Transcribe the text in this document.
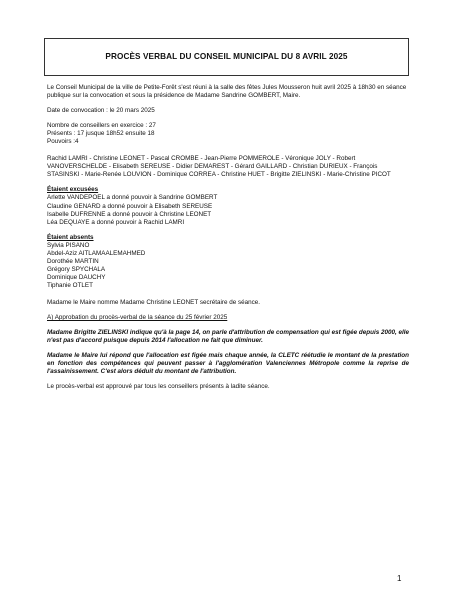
PROCÈS VERBAL DU CONSEIL MUNICIPAL DU 8 AVRIL 2025

Le Conseil Municipal de la ville de Petite-Forêt s'est réuni à la salle des fêtes Jules Mousseron huit avril 2025 à 18h30 en séance publique sur la convocation et sous la présidence de Madame Sandrine GOMBERT, Maire.

Date de convocation : le 20 mars 2025

Nombre de conseillers en exercice : 27
Présents : 17 jusque 18h52 ensuite 18
Pouvoirs :4

Rachid LAMRI - Christine LEONET - Pascal CROMBE - Jean-Pierre POMMEROLE - Véronique JOLY - Robert VANOVERSCHELDE - Elisabeth SEREUSE - Didier DEMAREST - Gérard GAILLARD - Christian DURIEUX - François STASINSKI - Marie-Renée LOUVION - Dominique CORREA - Christine HUET - Brigitte ZIELINSKI - Marie-Christine PICOT

Étaient excusées
Arlette VANDEPOEL a donné pouvoir à Sandrine GOMBERT
Claudine GENARD a donné pouvoir à Elisabeth SEREUSE
Isabelle DUFRENNE a donné pouvoir à Christine LEONET
Léa DEQUAYE a donné pouvoir à Rachid LAMRI
Étaient absents
Sylvia PISANO
Abdel-Aziz AITLAMAALEMAHMED
Dorothée MARTIN
Grégory SPYCHALA
Dominique DAUCHY
Tiphanie OTLET

Madame le Maire nomme Madame Christine LEONET secrétaire de séance.

A) Approbation du procès-verbal de la séance du 25 février 2025

Madame Brigitte ZIELINSKI indique qu'à la page 14, on parle d'attribution de compensation qui est figée depuis 2000, elle n'est pas d'accord puisque depuis 2014 l'allocation ne fait que diminuer.

Madame le Maire lui répond que l'allocation est figée mais chaque année, la CLETC réétudie le montant de la prestation en fonction des compétences qui peuvent passer à l'agglomération Valenciennes Métropole comme la reprise de l'assainissement. C'est alors déduit du montant de l'attribution.

Le procès-verbal est approuvé par tous les conseillers présents à ladite séance.

1
